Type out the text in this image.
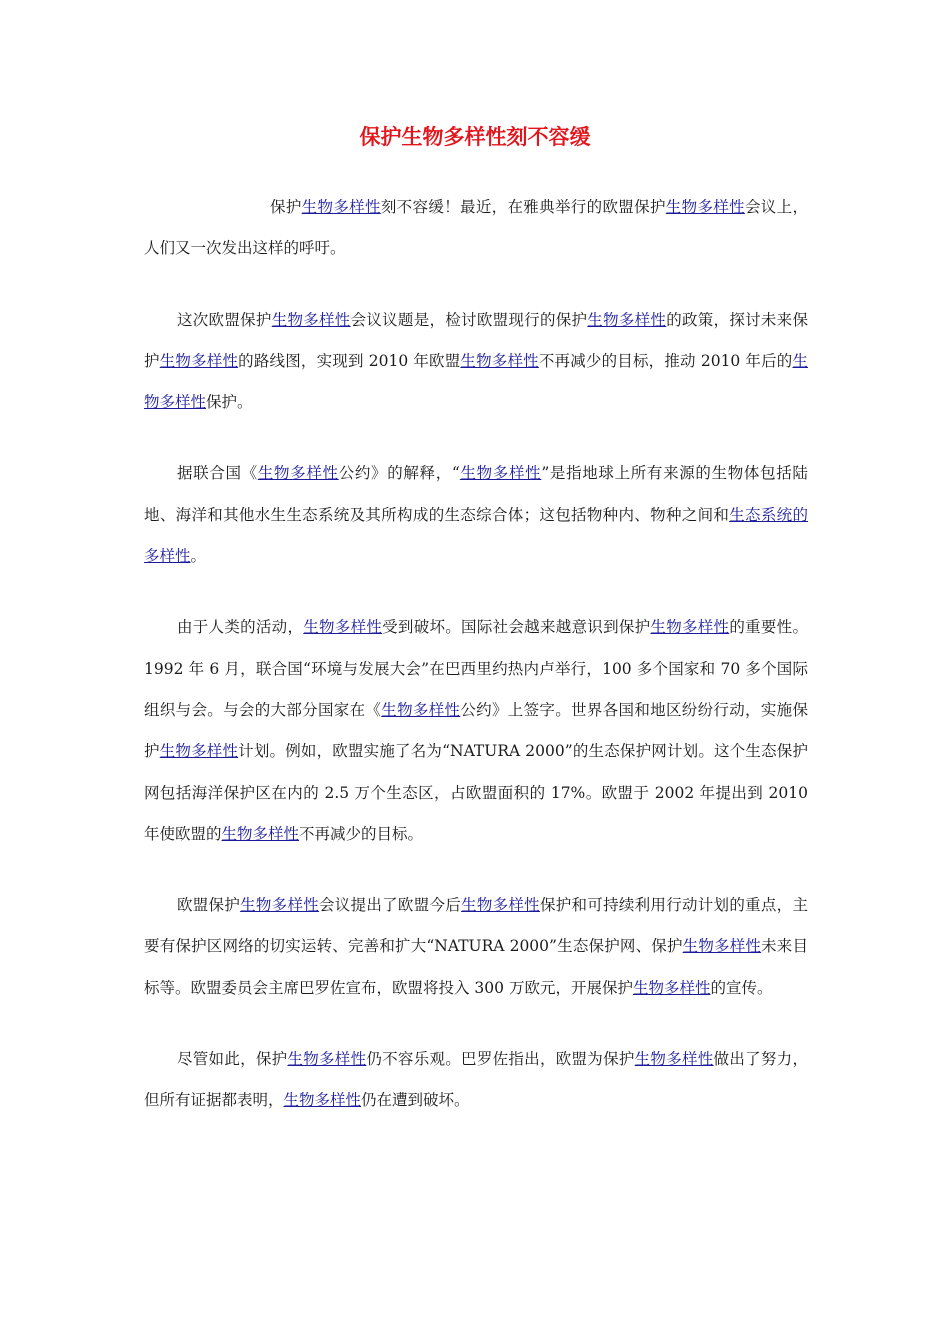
保护生物多样性刻不容缓

保护生物多样性刻不容缓！最近，在雅典举行的欧盟保护生物多样性会议上，人们又一次发出这样的呼吁。

这次欧盟保护生物多样性会议议题是，检讨欧盟现行的保护生物多样性的政策，探讨未来保护生物多样性的路线图，实现到 2010 年欧盟生物多样性不再减少的目标，推动 2010 年后的生物多样性保护。

据联合国《生物多样性公约》的解释，“生物多样性”是指地球上所有来源的生物体包括陆地、海洋和其他水生生态系统及其所构成的生态综合体；这包括物种内、物种之间和生态系统的多样性。

由于人类的活动，生物多样性受到破坏。国际社会越来越意识到保护生物多样性的重要性。1992 年 6 月，联合国“环境与发展大会”在巴西里约热内卢举行，100 多个国家和 70 多个国际组织与会。与会的大部分国家在《生物多样性公约》上签字。世界各国和地区纷纷行动，实施保护生物多样性计划。例如，欧盟实施了名为“NATURA 2000”的生态保护网计划。这个生态保护网包括海洋保护区在内的 2.5 万个生态区，占欧盟面积的 17%。欧盟于 2002 年提出到 2010 年使欧盟的生物多样性不再减少的目标。

欧盟保护生物多样性会议提出了欧盟今后生物多样性保护和可持续利用行动计划的重点，主要有保护区网络的切实运转、完善和扩大“NATURA 2000”生态保护网、保护生物多样性未来目标等。欧盟委员会主席巴罗佐宣布，欧盟将投入 300 万欧元，开展保护生物多样性的宣传。

尽管如此，保护生物多样性仍不容乐观。巴罗佐指出，欧盟为保护生物多样性做出了努力，但所有证据都表明，生物多样性仍在遭到破坏。
